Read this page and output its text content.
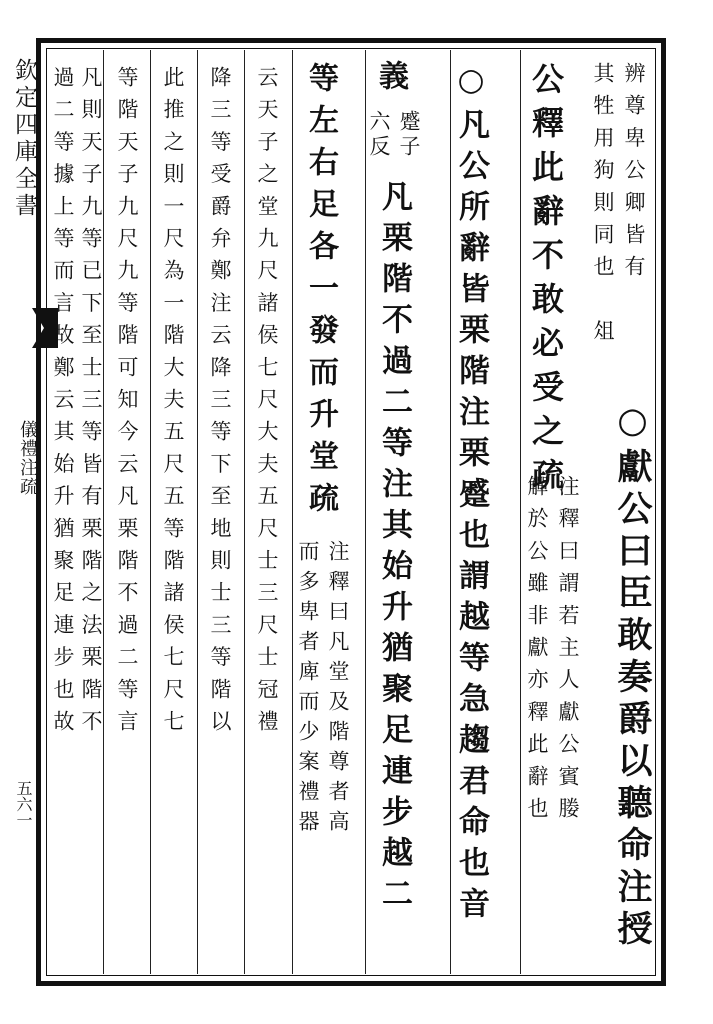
欽定四庫全書
儀禮注疏
五六一
辨尊卑公卿皆有
其牲用狗則同也　俎
○獻公曰臣敢奏爵以聽命注授
注釋曰謂若主人獻公賓媵
觶於公雖非獻亦釋此辭也
公釋此辭不敢必受之疏
○凡公所辭皆栗階注栗蹙也謂越等急趨君命也音
蹙子
六反
義
凡栗階不過二等注其始升猶聚足連步越二
等左右足各一發而升堂疏
注釋曰凡堂及階尊者高
而多卑者庳而少案禮器
云天子之堂九尺諸侯七尺大夫五尺士三尺士冠禮
降三等受爵弁鄭注云降三等下至地則士三等階以
此推之則一尺為一階大夫五尺五等階諸侯七尺七
等階天子九尺九等階可知今云凡栗階不過二等言
凡則天子九等已下至士三等皆有栗階之法栗階不
過二等據上等而言故鄭云其始升猶聚足連步也故
